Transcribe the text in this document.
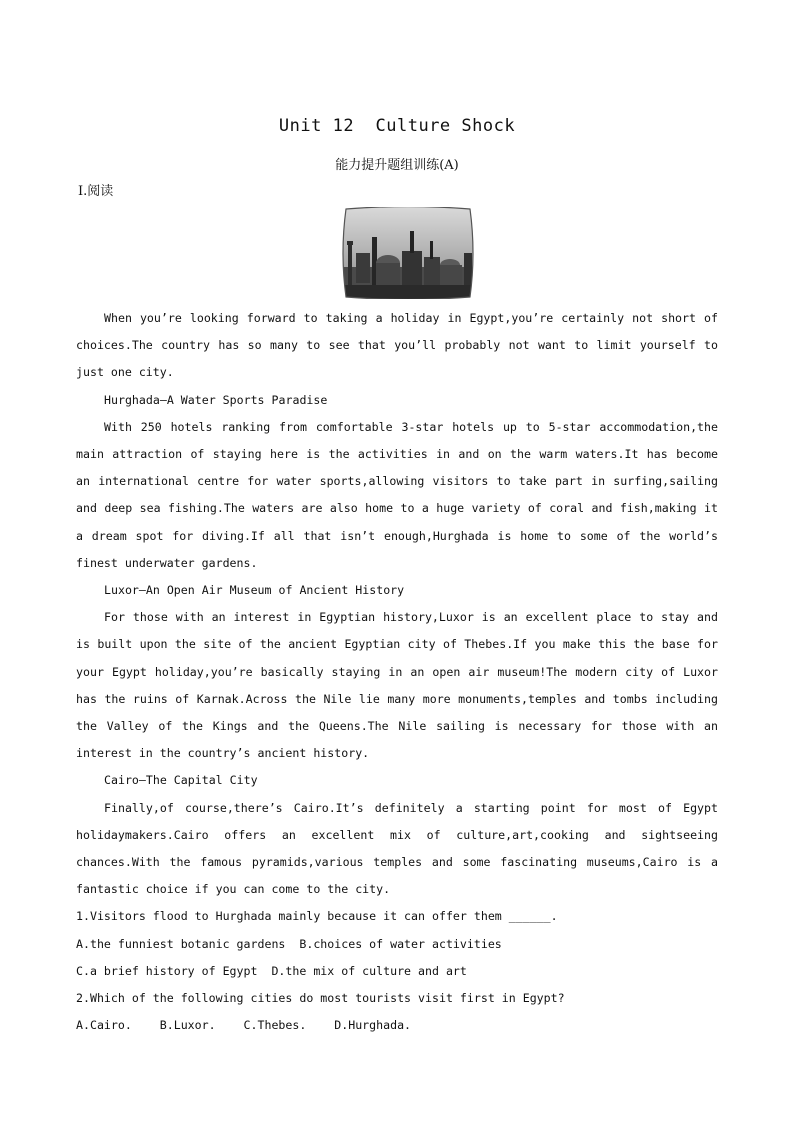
Unit 12  Culture Shock
能力提升题组训练(A)
Ⅰ.阅读

When you’re looking forward to taking a holiday in Egypt,you’re certainly not short of choices.The country has so many to see that you’ll probably not want to limit yourself to just one city.

Hurghada—A Water Sports Paradise

With 250 hotels ranking from comfortable 3-star hotels up to 5-star accommodation,the main attraction of staying here is the activities in and on the warm waters.It has become an international centre for water sports,allowing visitors to take part in surfing,sailing and deep sea fishing.The waters are also home to a huge variety of coral and fish,making it a dream spot for diving.If all that isn’t enough,Hurghada is home to some of the world’s finest underwater gardens.

Luxor—An Open Air Museum of Ancient History

For those with an interest in Egyptian history,Luxor is an excellent place to stay and is built upon the site of the ancient Egyptian city of Thebes.If you make this the base for your Egypt holiday,you’re basically staying in an open air museum!The modern city of Luxor has the ruins of Karnak.Across the Nile lie many more monuments,temples and tombs including the Valley of the Kings and the Queens.The Nile sailing is necessary for those with an interest in the country’s ancient history.

Cairo—The Capital City

Finally,of course,there’s Cairo.It’s definitely a starting point for most of Egypt holidaymakers.Cairo offers an excellent mix of culture,art,cooking and sightseeing chances.With the famous pyramids,various temples and some fascinating museums,Cairo is a fantastic choice if you can come to the city.

1.Visitors flood to Hurghada mainly because it can offer them ______.

A.the funniest botanic gardens  B.choices of water activities

C.a brief history of Egypt  D.the mix of culture and art

2.Which of the following cities do most tourists visit first in Egypt?

A.Cairo.    B.Luxor.    C.Thebes.    D.Hurghada.
